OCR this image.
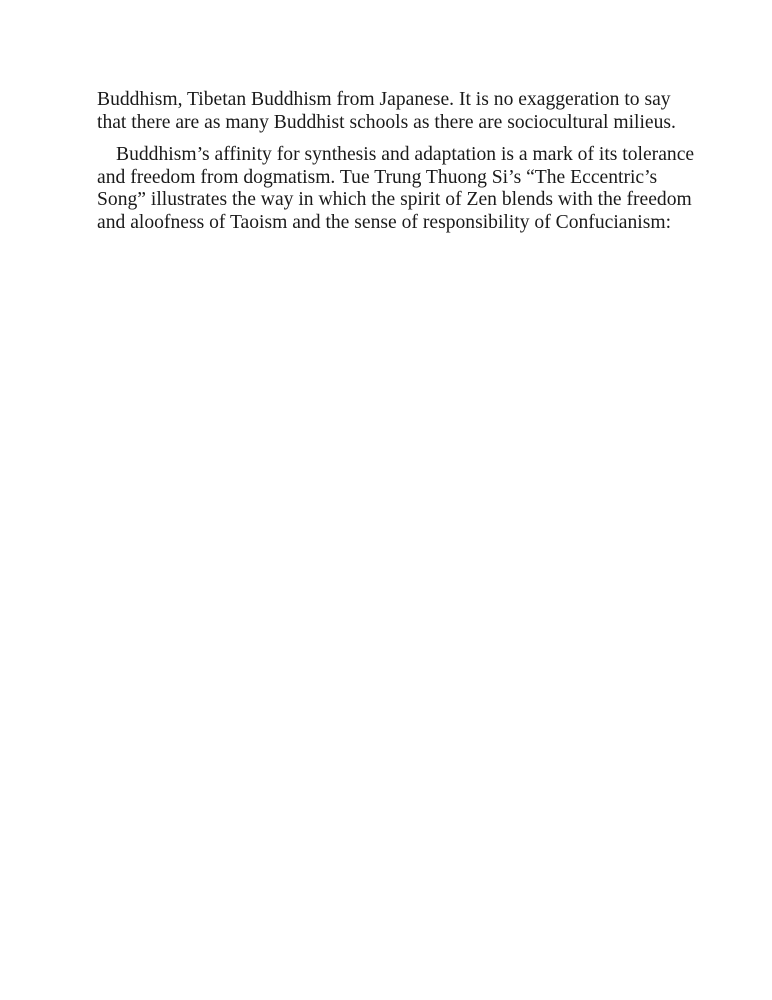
Buddhism, Tibetan Buddhism from Japanese. It is no exaggeration to say
that there are as many Buddhist schools as there are sociocultural milieus.
Buddhism’s affinity for synthesis and adaptation is a mark of its tolerance
and freedom from dogmatism. Tue Trung Thuong Si’s “The Eccentric’s
Song” illustrates the way in which the spirit of Zen blends with the freedom
and aloofness of Taoism and the sense of responsibility of Confucianism:
